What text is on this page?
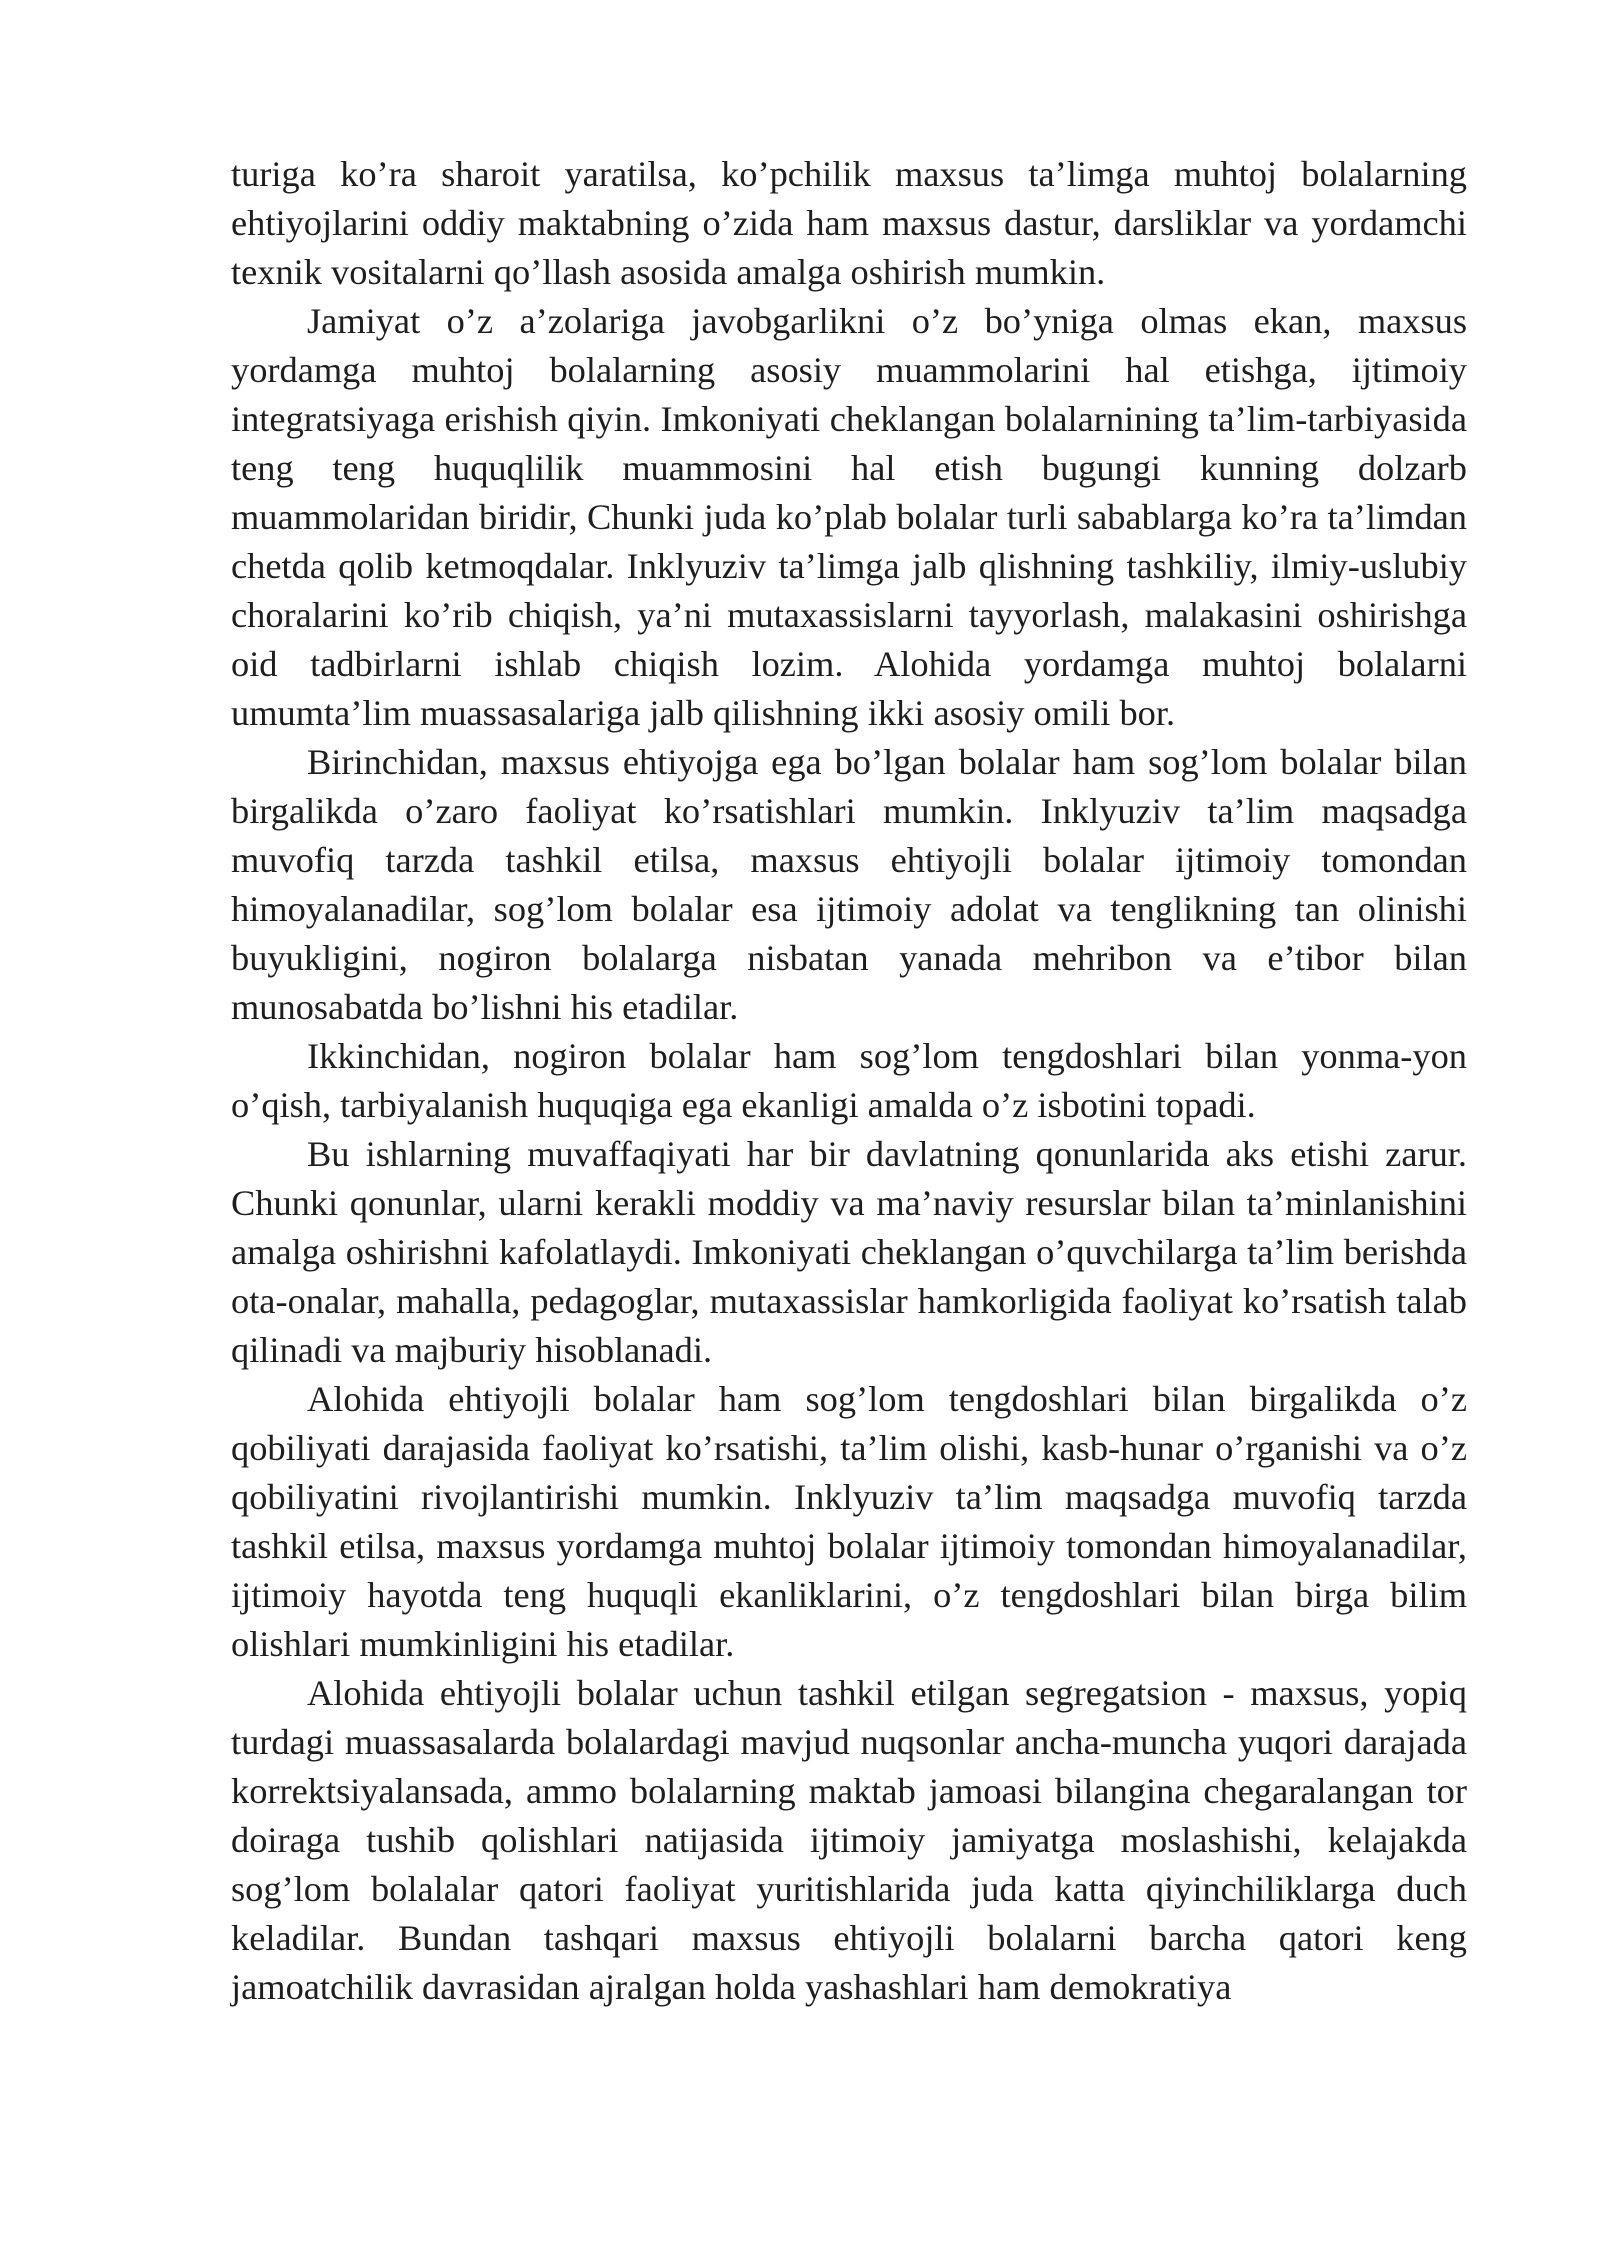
turiga ko’ra sharoit yaratilsa, ko’pchilik maxsus ta’limga muhtoj bolalarning ehtiyojlarini oddiy maktabning o’zida ham maxsus dastur, darsliklar va yordamchi texnik vositalarni qo’llash asosida amalga oshirish mumkin.

Jamiyat o’z a’zolariga javobgarlikni o’z bo’yniga olmas ekan, maxsus yordamga muhtoj bolalarning asosiy muammolarini hal etishga, ijtimoiy integratsiyaga erishish qiyin. Imkoniyati cheklangan bolalarnining ta’lim-tarbiyasida teng teng huquqlilik muammosini hal etish bugungi kunning dolzarb muammolaridan biridir, Chunki juda ko’plab bolalar turli sabablarga ko’ra ta’limdan chetda qolib ketmoqdalar. Inklyuziv ta’limga jalb qlishning tashkiliy, ilmiy-uslubiy choralarini ko’rib chiqish, ya’ni mutaxassislarni tayyorlash, malakasini oshirishga oid tadbirlarni ishlab chiqish lozim. Alohida yordamga muhtoj bolalarni umumta’lim muassasalariga jalb qilishning ikki asosiy omili bor.

Birinchidan, maxsus ehtiyojga ega bo’lgan bolalar ham sog’lom bolalar bilan birgalikda o’zaro faoliyat ko’rsatishlari mumkin. Inklyuziv ta’lim maqsadga muvofiq tarzda tashkil etilsa, maxsus ehtiyojli bolalar ijtimoiy tomondan himoyalanadilar, sog’lom bolalar esa ijtimoiy adolat va tenglikning tan olinishi buyukligini, nogiron bolalarga nisbatan yanada mehribon va e’tibor bilan munosabatda bo’lishni his etadilar.

Ikkinchidan, nogiron bolalar ham sog’lom tengdoshlari bilan yonma-yon o’qish, tarbiyalanish huquqiga ega ekanligi amalda o’z isbotini topadi.

Bu ishlarning muvaffaqiyati har bir davlatning qonunlarida aks etishi zarur. Chunki qonunlar, ularni kerakli moddiy va ma’naviy resurslar bilan ta’minlanishini amalga oshirishni kafolatlaydi. Imkoniyati cheklangan o’quvchilarga ta’lim berishda ota-onalar, mahalla, pedagoglar, mutaxassislar hamkorligida faoliyat ko’rsatish talab qilinadi va majburiy hisoblanadi.

Alohida ehtiyojli bolalar ham sog’lom tengdoshlari bilan birgalikda o’z qobiliyati darajasida faoliyat ko’rsatishi, ta’lim olishi, kasb-hunar o’rganishi va o’z qobiliyatini rivojlantirishi mumkin. Inklyuziv ta’lim maqsadga muvofiq tarzda tashkil etilsa, maxsus yordamga muhtoj bolalar ijtimoiy tomondan himoyalanadilar, ijtimoiy hayotda teng huquqli ekanliklarini, o’z tengdoshlari bilan birga bilim olishlari mumkinligini his etadilar.

Alohida ehtiyojli bolalar uchun tashkil etilgan segregatsion - maxsus, yopiq turdagi muassasalarda bolalardagi mavjud nuqsonlar ancha-muncha yuqori darajada korrektsiyalansada, ammo bolalarning maktab jamoasi bilangina chegaralangan tor doiraga tushib qolishlari natijasida ijtimoiy jamiyatga moslashishi, kelajakda sog’lom bolalalar qatori faoliyat yuritishlarida juda katta qiyinchiliklarga duch keladilar. Bundan tashqari maxsus ehtiyojli bolalarni barcha qatori keng jamoatchilik davrasidan ajralgan holda yashashlari ham demokratiya
